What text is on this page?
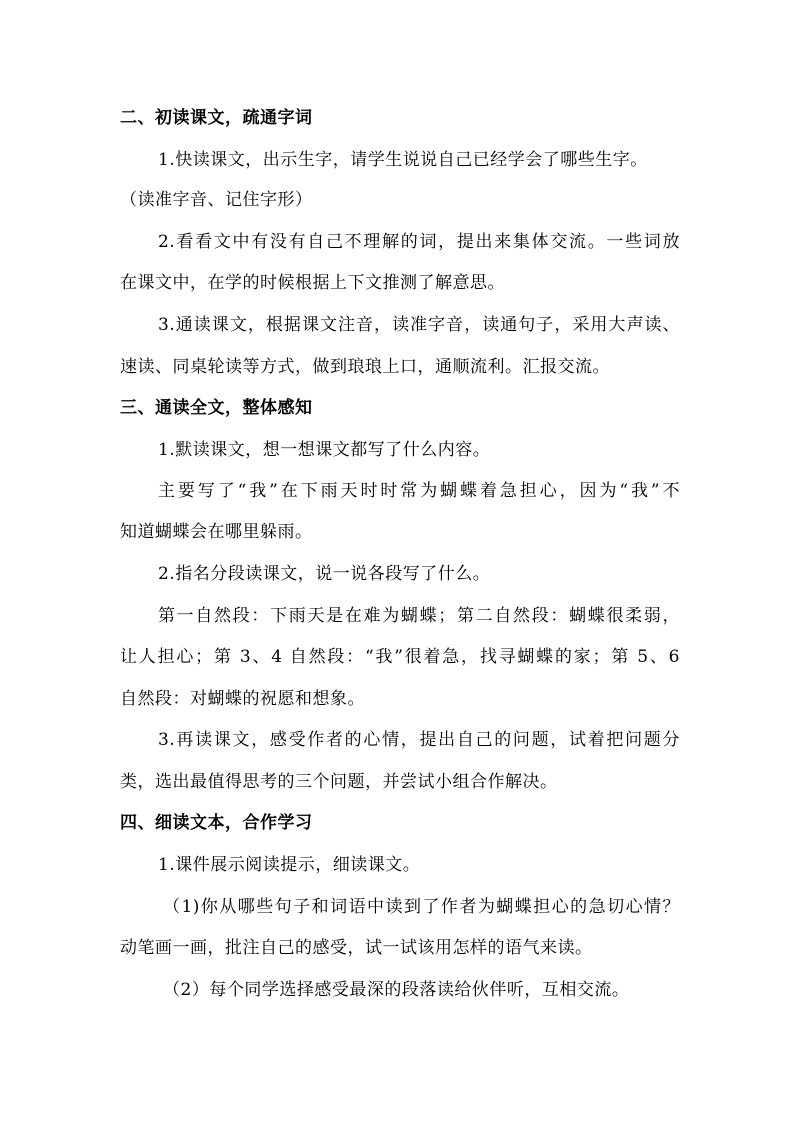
二、初读课文，疏通字词
1.快读课文，出示生字，请学生说说自己已经学会了哪些生字。
（读准字音、记住字形）
2.看看文中有没有自己不理解的词，提出来集体交流。一些词放
在课文中，在学的时候根据上下文推测了解意思。
3.通读课文，根据课文注音，读准字音，读通句子，采用大声读、
速读、同桌轮读等方式，做到琅琅上口，通顺流利。汇报交流。
三、通读全文，整体感知
1.默读课文，想一想课文都写了什么内容。
主要写了“我”在下雨天时时常为蝴蝶着急担心，因为“我”不
知道蝴蝶会在哪里躲雨。
2.指名分段读课文，说一说各段写了什么。
第一自然段：下雨天是在难为蝴蝶；第二自然段：蝴蝶很柔弱，
让人担心；第 3、4 自然段：“我”很着急，找寻蝴蝶的家；第 5、6
自然段：对蝴蝶的祝愿和想象。
3.再读课文，感受作者的心情，提出自己的问题，试着把问题分
类，选出最值得思考的三个问题，并尝试小组合作解决。
四、细读文本，合作学习
1.课件展示阅读提示，细读课文。
（1)你从哪些句子和词语中读到了作者为蝴蝶担心的急切心情？
动笔画一画，批注自己的感受，试一试该用怎样的语气来读。
（2）每个同学选择感受最深的段落读给伙伴听，互相交流。
